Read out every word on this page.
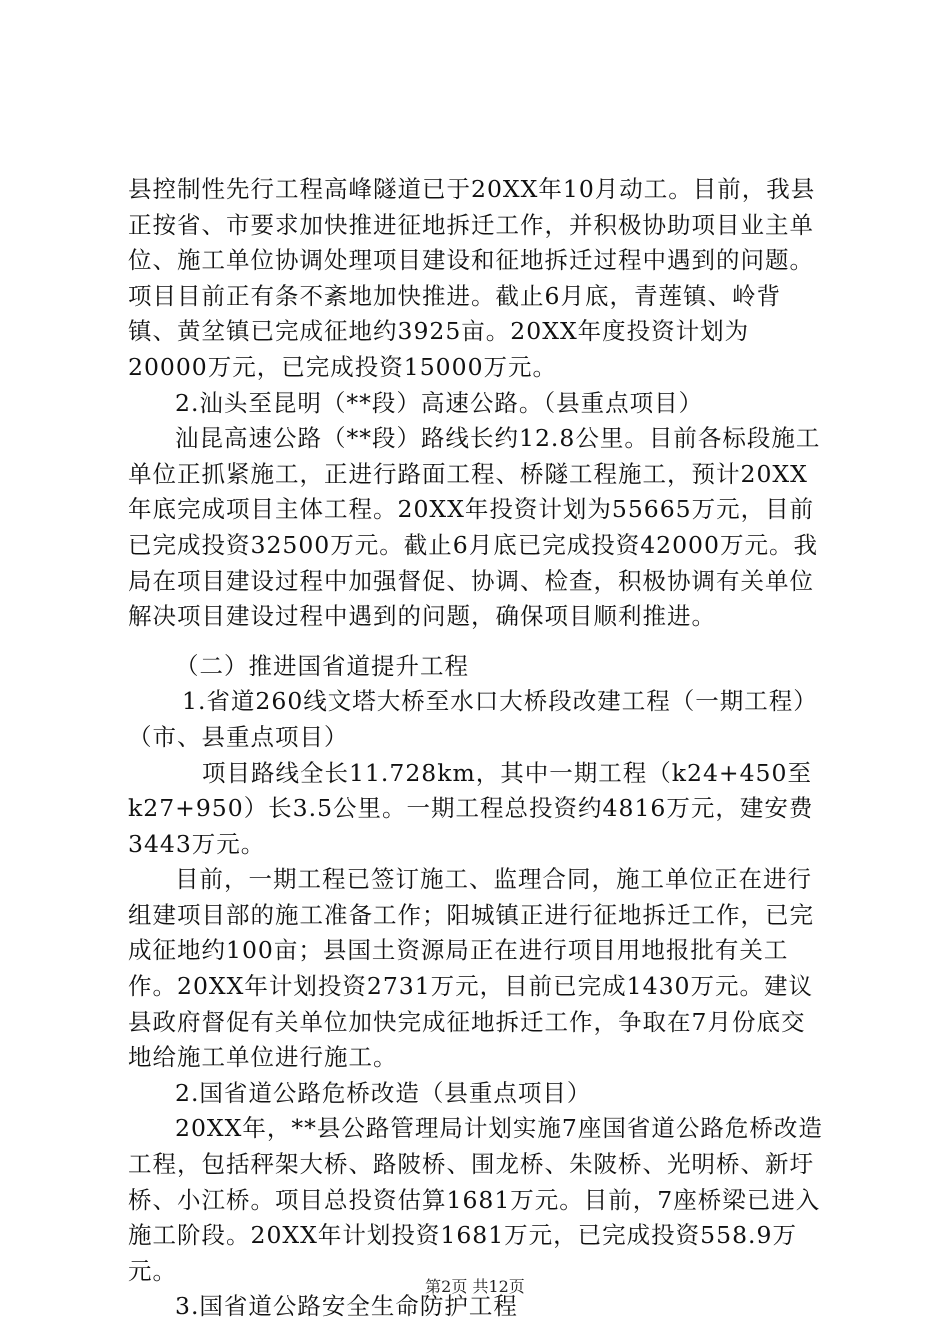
县控制性先行工程高峰隧道已于20XX年10月动工。目前，我县正按省、市要求加快推进征地拆迁工作，并积极协助项目业主单位、施工单位协调处理项目建设和征地拆迁过程中遇到的问题。项目目前正有条不紊地加快推进。截止6月底，青莲镇、岭背镇、黄坌镇已完成征地约3925亩。20XX年度投资计划为20000万元，已完成投资15000万元。

2.汕头至昆明（**段）高速公路。（县重点项目）

汕昆高速公路（**段）路线长约12.8公里。目前各标段施工单位正抓紧施工，正进行路面工程、桥隧工程施工，预计20XX年底完成项目主体工程。20XX年投资计划为55665万元，目前已完成投资32500万元。截止6月底已完成投资42000万元。我局在项目建设过程中加强督促、协调、检查，积极协调有关单位解决项目建设过程中遇到的问题，确保项目顺利推进。

（二）推进国省道提升工程

1.省道260线文塔大桥至水口大桥段改建工程（一期工程）（市、县重点项目）

项目路线全长11.728km，其中一期工程（k24+450至k27+950）长3.5公里。一期工程总投资约4816万元，建安费3443万元。

目前，一期工程已签订施工、监理合同，施工单位正在进行组建项目部的施工准备工作；阳城镇正进行征地拆迁工作，已完成征地约100亩；县国土资源局正在进行项目用地报批有关工作。20XX年计划投资2731万元，目前已完成1430万元。建议县政府督促有关单位加快完成征地拆迁工作，争取在7月份底交地给施工单位进行施工。

2.国省道公路危桥改造（县重点项目）

20XX年，**县公路管理局计划实施7座国省道公路危桥改造工程，包括秤架大桥、路陂桥、围龙桥、朱陂桥、光明桥、新圩桥、小江桥。项目总投资估算1681万元。目前，7座桥梁已进入施工阶段。20XX年计划投资1681万元，已完成投资558.9万元。

3.国省道公路安全生命防护工程

第2页 共12页
